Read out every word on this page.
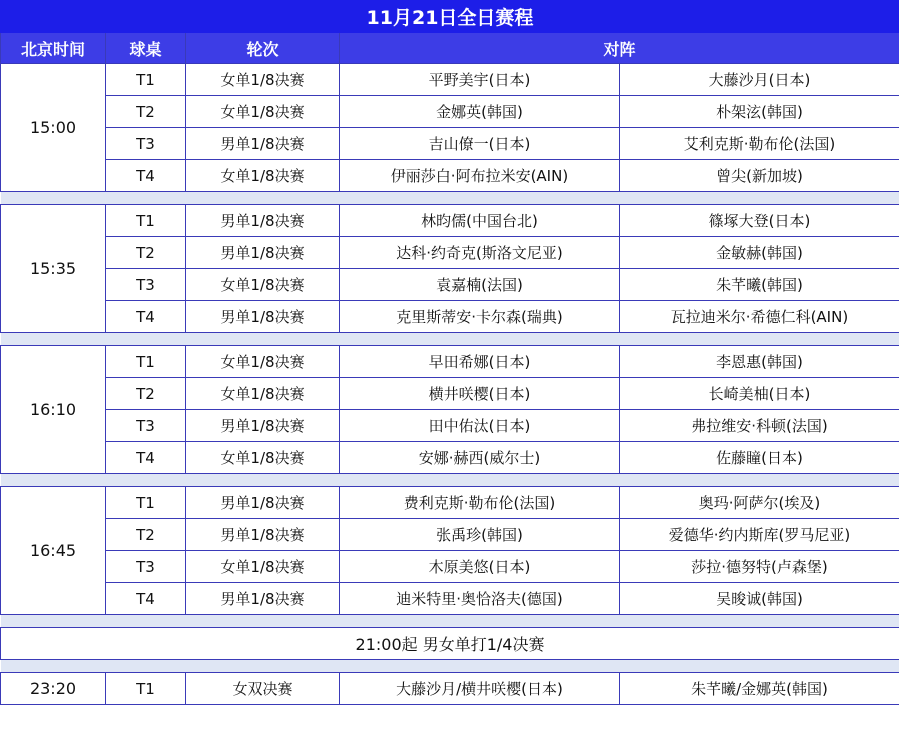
11月21日全日赛程				
北京时间	球桌	轮次	对阵	
15:00	T1	女单1/8决赛	平野美宇(日本)	大藤沙月(日本)
	T2	女单1/8决赛	金娜英(韩国)	朴架泫(韩国)
	T3	男单1/8决赛	吉山僚一(日本)	艾利克斯·勒布伦(法国)
	T4	女单1/8决赛	伊丽莎白·阿布拉米安(AIN)	曾尖(新加坡)

15:35	T1	男单1/8决赛	林昀儒(中国台北)	篠塚大登(日本)
	T2	男单1/8决赛	达科·约奇克(斯洛文尼亚)	金敏赫(韩国)
	T3	女单1/8决赛	袁嘉楠(法国)	朱芊曦(韩国)
	T4	男单1/8决赛	克里斯蒂安·卡尔森(瑞典)	瓦拉迪米尔·希德仁科(AIN)

16:10	T1	女单1/8决赛	早田希娜(日本)	李恩惠(韩国)
	T2	女单1/8决赛	横井咲樱(日本)	长崎美柚(日本)
	T3	男单1/8决赛	田中佑汰(日本)	弗拉维安·科顿(法国)
	T4	女单1/8决赛	安娜·赫西(威尔士)	佐藤瞳(日本)

16:45	T1	男单1/8决赛	费利克斯·勒布伦(法国)	奥玛·阿萨尔(埃及)
	T2	男单1/8决赛	张禹珍(韩国)	爱德华·约内斯库(罗马尼亚)
	T3	女单1/8决赛	木原美悠(日本)	莎拉·德努特(卢森堡)
	T4	男单1/8决赛	迪米特里·奥恰洛夫(德国)	吴晙诚(韩国)

21:00起 男女单打1/4决赛				

23:20	T1	女双决赛	大藤沙月/横井咲樱(日本)	朱芊曦/金娜英(韩国)
